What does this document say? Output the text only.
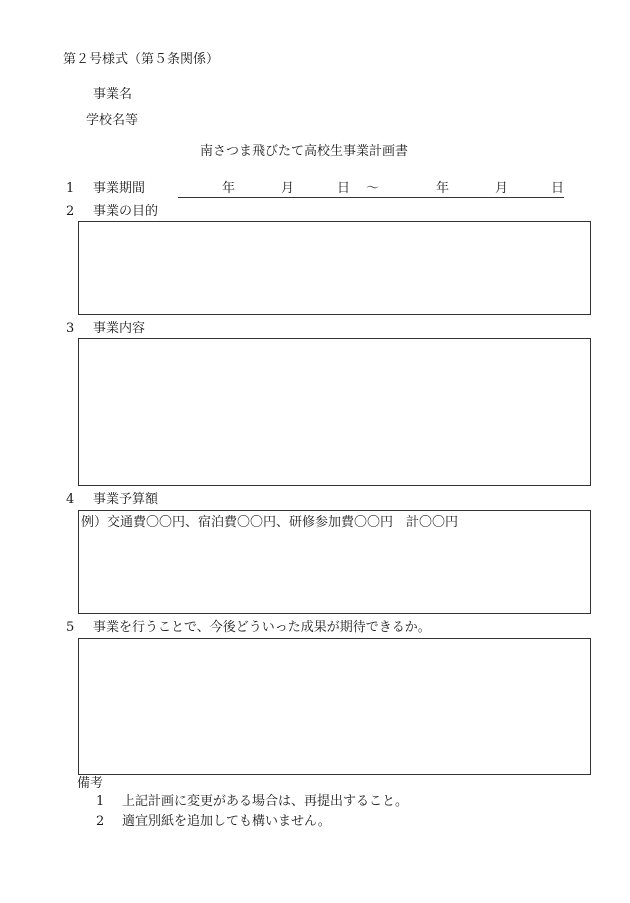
第２号様式（第５条関係）
事業名
学校名等
南さつま飛びたて高校生事業計画書
1 事業期間	年	月	日 ～	年	月	日
2 事業の目的
3 事業内容
4 事業予算額
例）交通費〇〇円、宿泊費〇〇円、研修参加費〇〇円　計〇〇円
5 事業を行うことで、今後どういった成果が期待できるか。
備考
1 上記計画に変更がある場合は、再提出すること。
2 適宜別紙を追加しても構いません。
